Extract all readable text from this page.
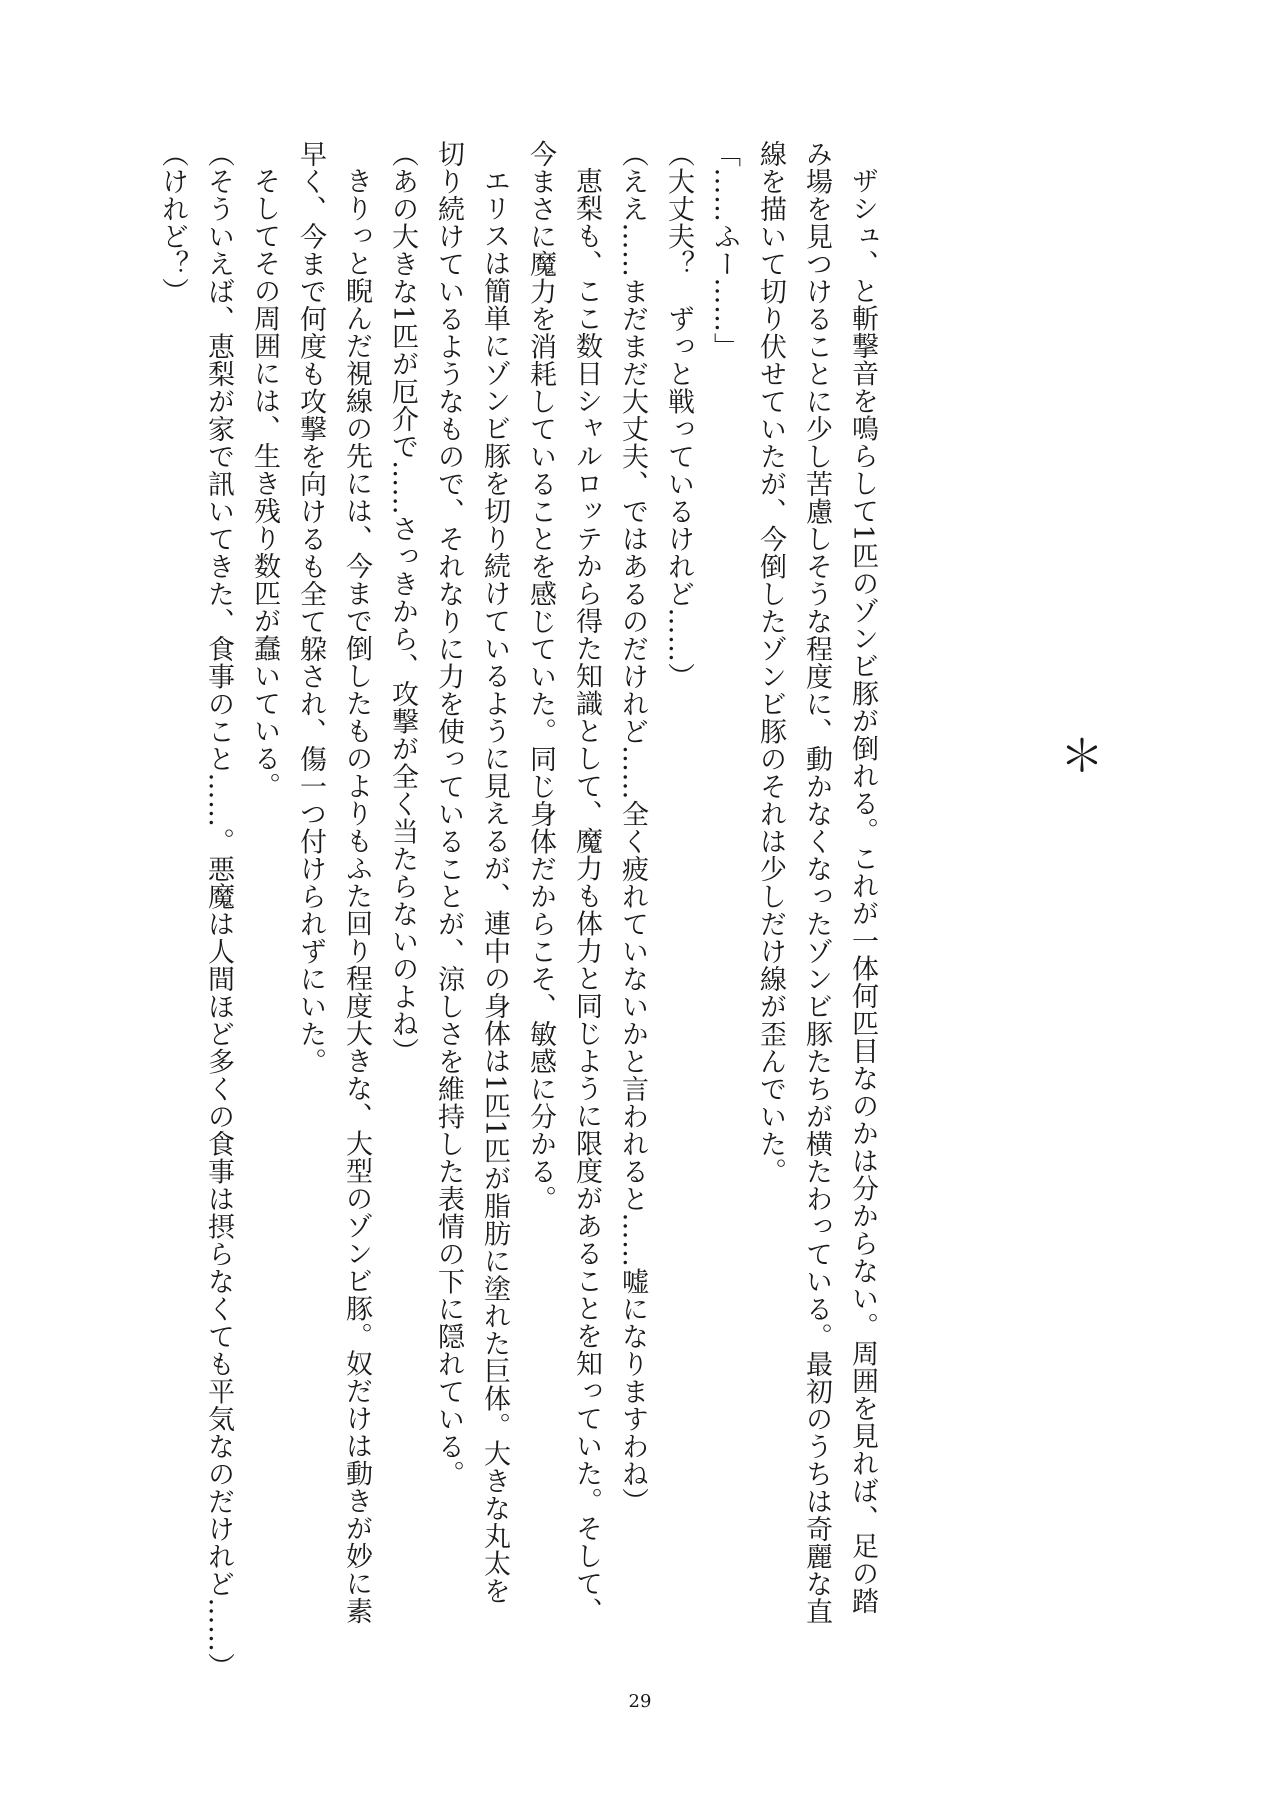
＊
ザシュ、と斬撃音を鳴らして1匹のゾンビ豚が倒れる。これが一体何匹目なのかは分からない。周囲を見れば、足の踏
み場を見つけることに少し苦慮しそうな程度に、動かなくなったゾンビ豚たちが横たわっている。最初のうちは奇麗な直
線を描いて切り伏せていたが、今倒したゾンビ豚のそれは少しだけ線が歪んでいた。
「……ふー……」
（大丈夫？　ずっと戦っているけれど……）
（ええ……まだまだ大丈夫、ではあるのだけれど……全く疲れていないかと言われると……嘘になりますわね）
恵梨も、ここ数日シャルロッテから得た知識として、魔力も体力と同じように限度があることを知っていた。そして、
今まさに魔力を消耗していることを感じていた。同じ身体だからこそ、敏感に分かる。
エリスは簡単にゾンビ豚を切り続けているように見えるが、連中の身体は1匹1匹が脂肪に塗れた巨体。大きな丸太を
切り続けているようなもので、それなりに力を使っていることが、涼しさを維持した表情の下に隠れている。
（あの大きな1匹が厄介で……さっきから、攻撃が全く当たらないのよね）
きりっと睨んだ視線の先には、今まで倒したものよりもふた回り程度大きな、大型のゾンビ豚。奴だけは動きが妙に素
早く、今まで何度も攻撃を向けるも全て躱され、傷一つ付けられずにいた。
そしてその周囲には、生き残り数匹が蠢いている。
（そういえば、恵梨が家で訊いてきた、食事のこと……。悪魔は人間ほど多くの食事は摂らなくても平気なのだけれど……）
（けれど？）
29
